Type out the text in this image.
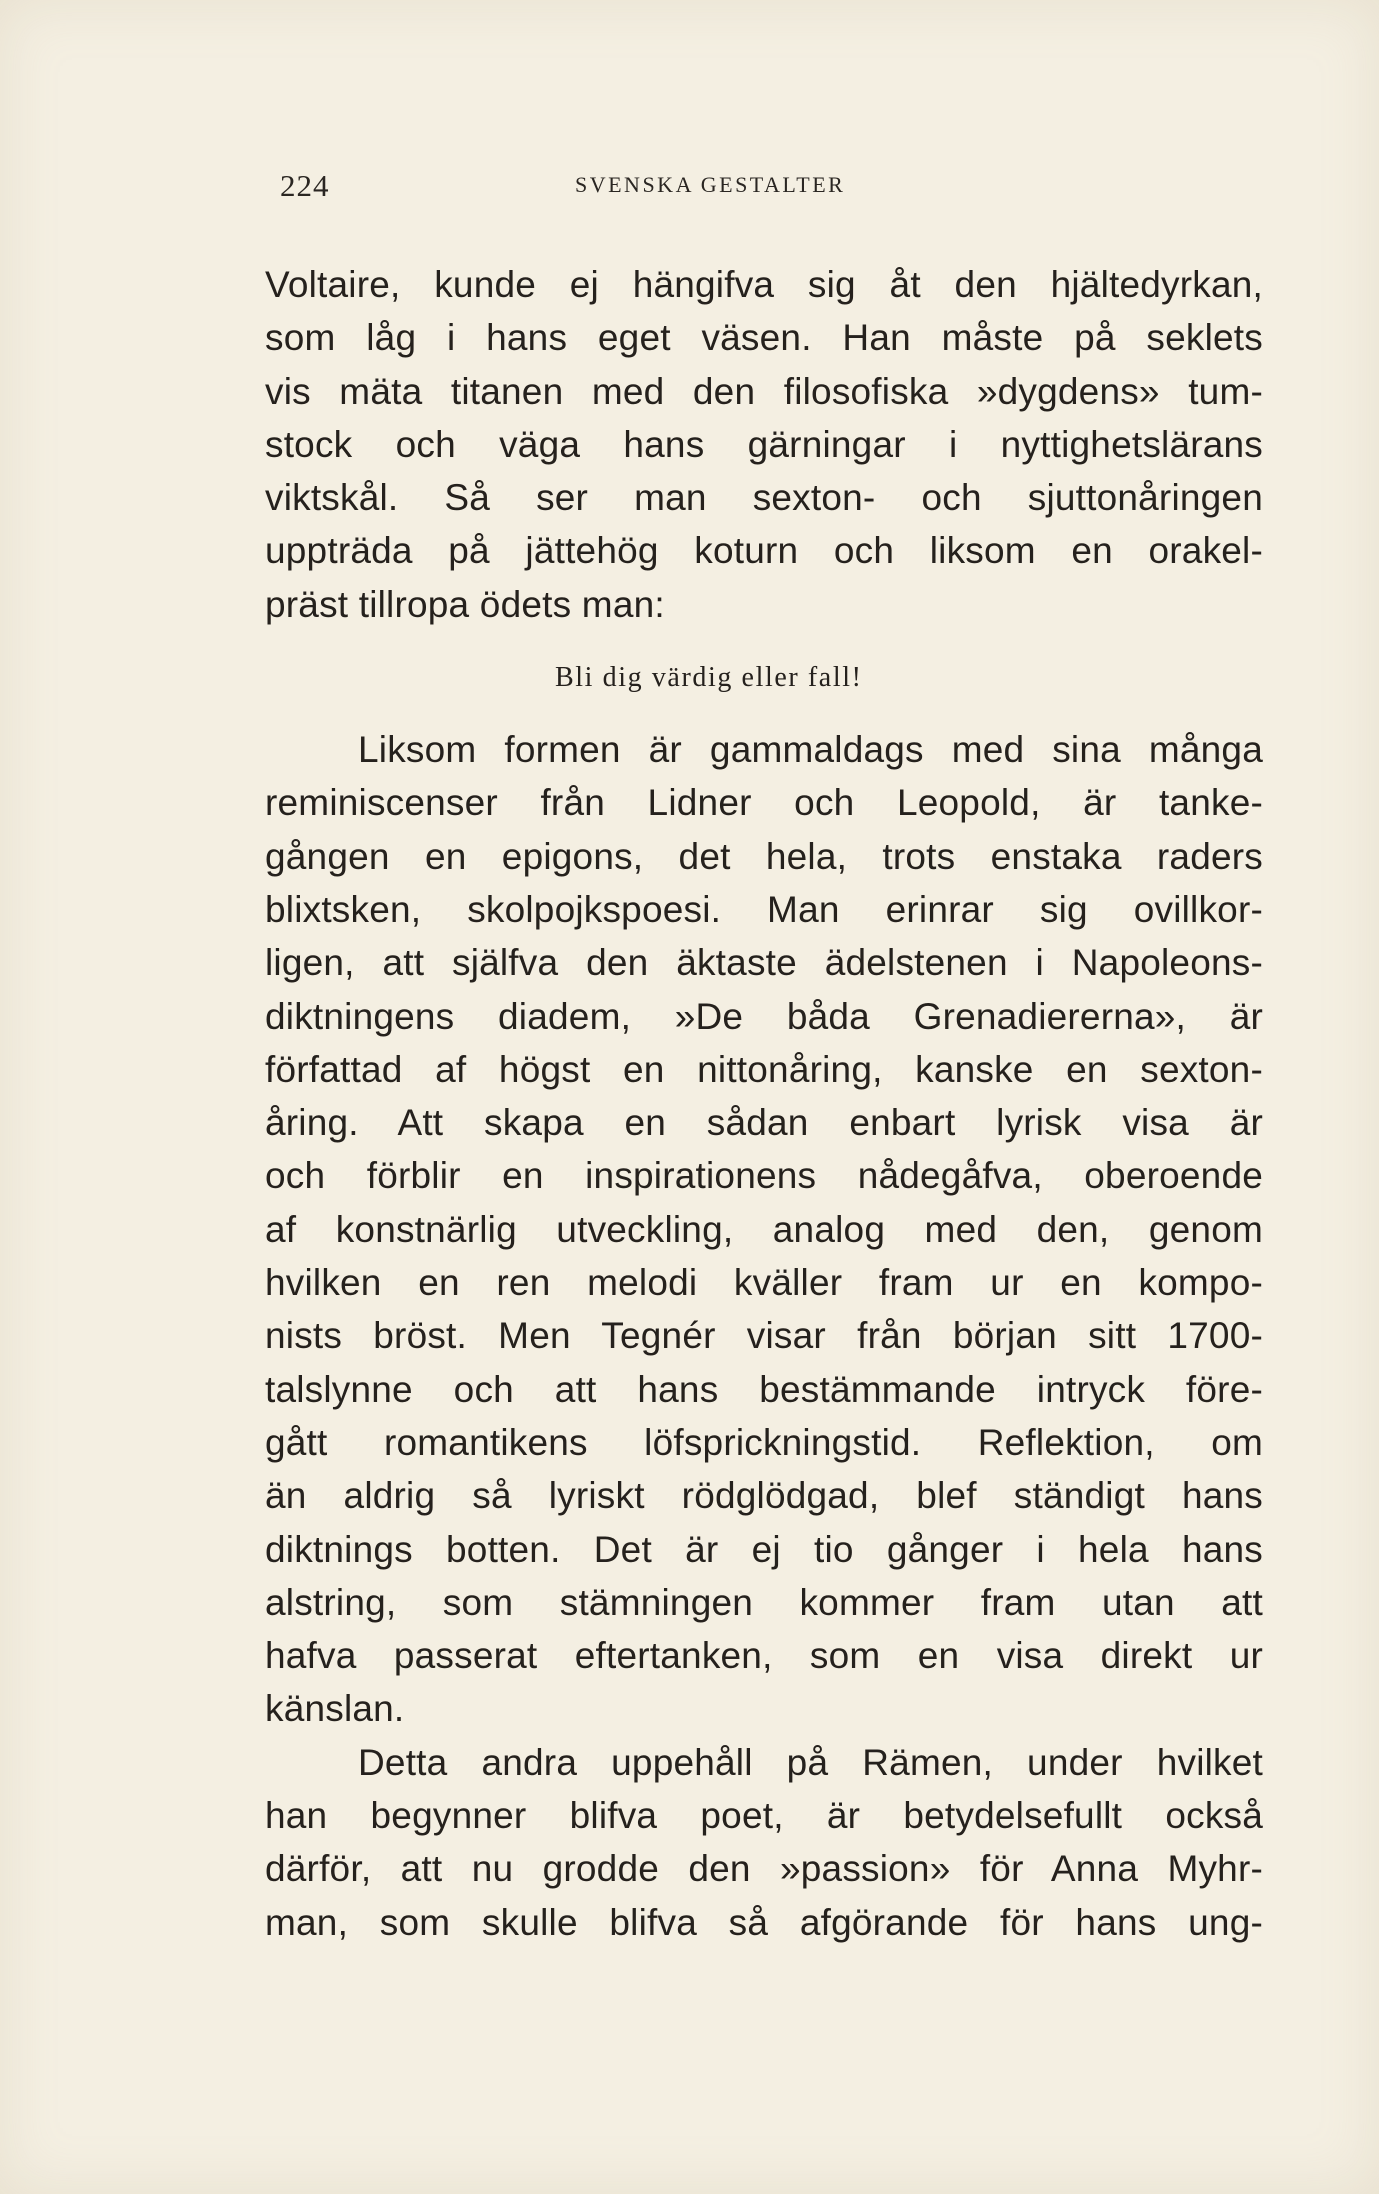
224	SVENSKA GESTALTER
Voltaire, kunde ej hängifva sig åt den hjältedyrkan,
som låg i hans eget väsen. Han måste på seklets
vis mäta titanen med den filosofiska »dygdens» tum-
stock och väga hans gärningar i nyttighetslärans
viktskål. Så ser man sexton- och sjuttonåringen
uppträda på jättehög koturn och liksom en orakel-
präst tillropa ödets man:
Bli dig värdig eller fall!
Liksom formen är gammaldags med sina många
reminiscenser från Lidner och Leopold, är tanke-
gången en epigons, det hela, trots enstaka raders
blixtsken, skolpojkspoesi. Man erinrar sig ovillkor-
ligen, att själfva den äktaste ädelstenen i Napoleons-
diktningens diadem, »De båda Grenadiererna», är
författad af högst en nittonåring, kanske en sexton-
åring. Att skapa en sådan enbart lyrisk visa är
och förblir en inspirationens nådegåfva, oberoende
af konstnärlig utveckling, analog med den, genom
hvilken en ren melodi kväller fram ur en kompo-
nists bröst. Men Tegnér visar från början sitt 1700-
talslynne och att hans bestämmande intryck före-
gått romantikens löfsprickningstid. Reflektion, om
än aldrig så lyriskt rödglödgad, blef ständigt hans
diktnings botten. Det är ej tio gånger i hela hans
alstring, som stämningen kommer fram utan att
hafva passerat eftertanken, som en visa direkt ur
känslan.
Detta andra uppehåll på Rämen, under hvilket
han begynner blifva poet, är betydelsefullt också
därför, att nu grodde den »passion» för Anna Myhr-
man, som skulle blifva så afgörande för hans ung-
